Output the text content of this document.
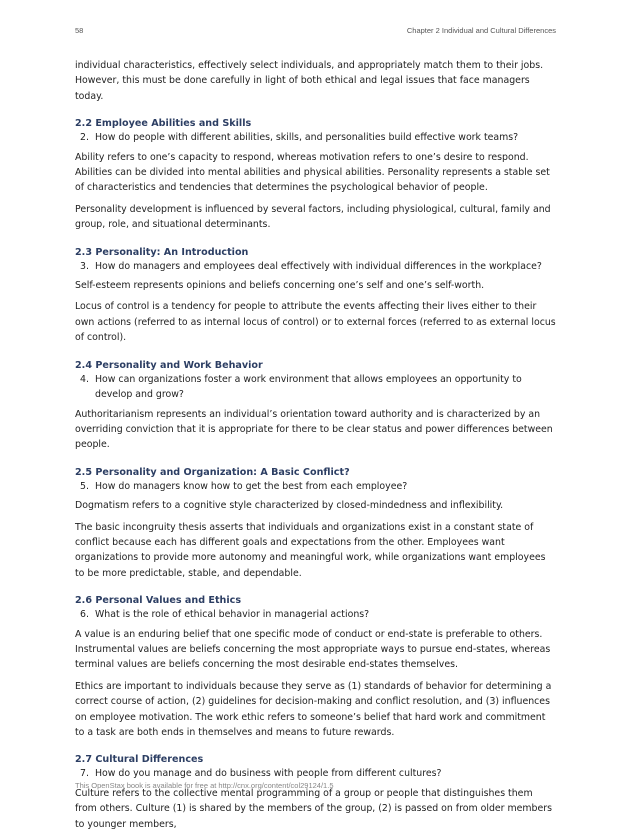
58	Chapter 2 Individual and Cultural Differences

individual characteristics, effectively select individuals, and appropriately match them to their jobs. However, this must be done carefully in light of both ethical and legal issues that face managers today.

2.2 Employee Abilities and Skills
2. How do people with different abilities, skills, and personalities build effective work teams?

Ability refers to one’s capacity to respond, whereas motivation refers to one’s desire to respond. Abilities can be divided into mental abilities and physical abilities. Personality represents a stable set of characteristics and tendencies that determines the psychological behavior of people.

Personality development is influenced by several factors, including physiological, cultural, family and group, role, and situational determinants.

2.3 Personality: An Introduction
3. How do managers and employees deal effectively with individual differences in the workplace?

Self-esteem represents opinions and beliefs concerning one’s self and one’s self-worth.

Locus of control is a tendency for people to attribute the events affecting their lives either to their own actions (referred to as internal locus of control) or to external forces (referred to as external locus of control).

2.4 Personality and Work Behavior
4. How can organizations foster a work environment that allows employees an opportunity to develop and grow?

Authoritarianism represents an individual’s orientation toward authority and is characterized by an overriding conviction that it is appropriate for there to be clear status and power differences between people.

2.5 Personality and Organization: A Basic Conflict?
5. How do managers know how to get the best from each employee?

Dogmatism refers to a cognitive style characterized by closed-mindedness and inflexibility.

The basic incongruity thesis asserts that individuals and organizations exist in a constant state of conflict because each has different goals and expectations from the other. Employees want organizations to provide more autonomy and meaningful work, while organizations want employees to be more predictable, stable, and dependable.

2.6 Personal Values and Ethics
6. What is the role of ethical behavior in managerial actions?

A value is an enduring belief that one specific mode of conduct or end-state is preferable to others. Instrumental values are beliefs concerning the most appropriate ways to pursue end-states, whereas terminal values are beliefs concerning the most desirable end-states themselves.

Ethics are important to individuals because they serve as (1) standards of behavior for determining a correct course of action, (2) guidelines for decision-making and conflict resolution, and (3) influences on employee motivation. The work ethic refers to someone’s belief that hard work and commitment to a task are both ends in themselves and means to future rewards.

2.7 Cultural Differences
7. How do you manage and do business with people from different cultures?

Culture refers to the collective mental programming of a group or people that distinguishes them from others. Culture (1) is shared by the members of the group, (2) is passed on from older members to younger members,

This OpenStax book is available for free at http://cnx.org/content/col29124/1.5
